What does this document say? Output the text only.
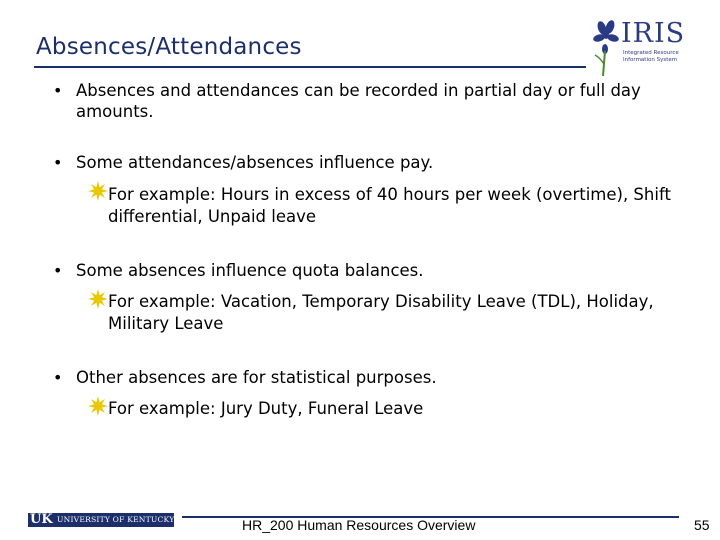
Absences/Attendances	IRIS
Integrated Resource Information System
• Absences and attendances can be recorded in partial day or full day amounts.
• Some attendances/absences influence pay.
For example: Hours in excess of 40 hours per week (overtime), Shift differential, Unpaid leave
• Some absences influence quota balances.
For example: Vacation, Temporary Disability Leave (TDL), Holiday, Military Leave
• Other absences are for statistical purposes.
For example: Jury Duty, Funeral Leave
UK UNIVERSITY OF KENTUCKY	HR_200 Human Resources Overview	55
